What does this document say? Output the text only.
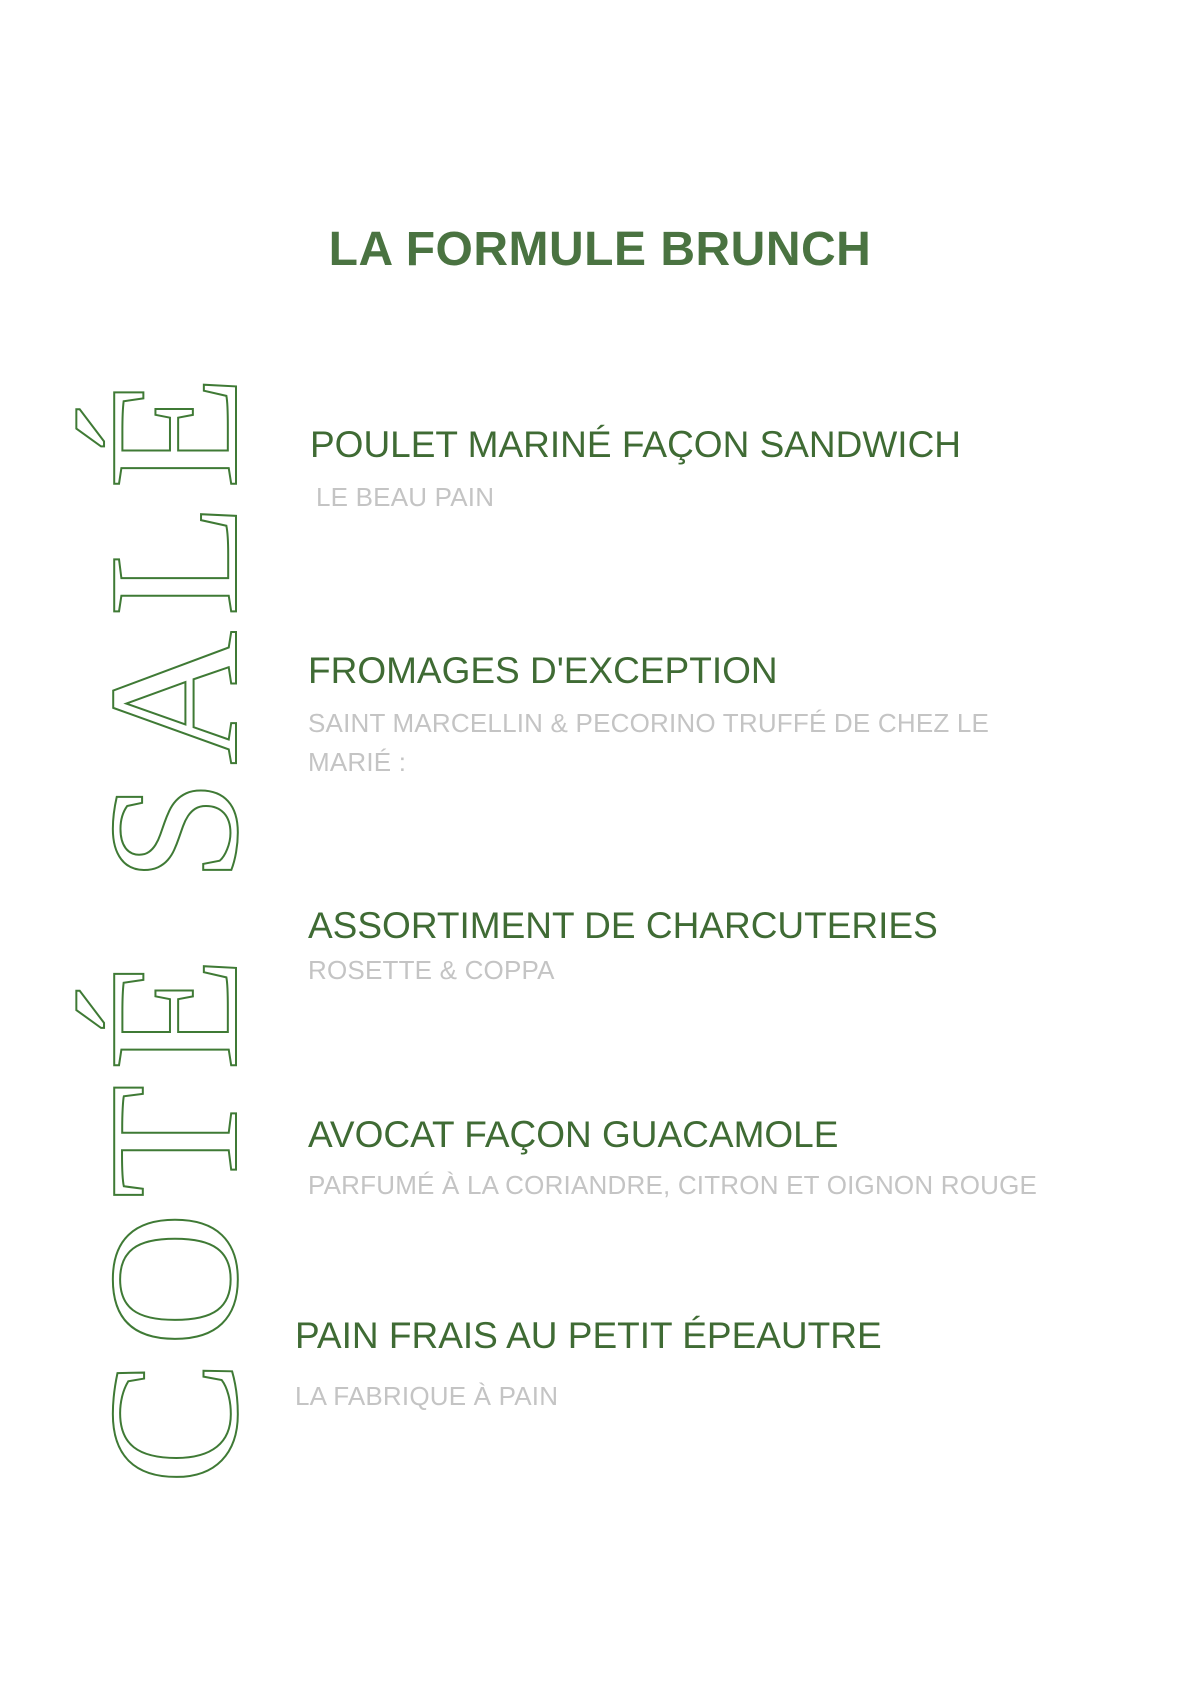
LA FORMULE BRUNCH
COTÉ SALÉ POULET MARINÉ FAÇON SANDWICH
LE BEAU PAIN
FROMAGES D'EXCEPTION
SAINT MARCELLIN & PECORINO TRUFFÉ DE CHEZ LE MARIÉ :
ASSORTIMENT DE CHARCUTERIES
ROSETTE & COPPA
AVOCAT FAÇON GUACAMOLE
PARFUMÉ À LA CORIANDRE, CITRON ET OIGNON ROUGE
PAIN FRAIS AU PETIT ÉPEAUTRE
LA FABRIQUE À PAIN
